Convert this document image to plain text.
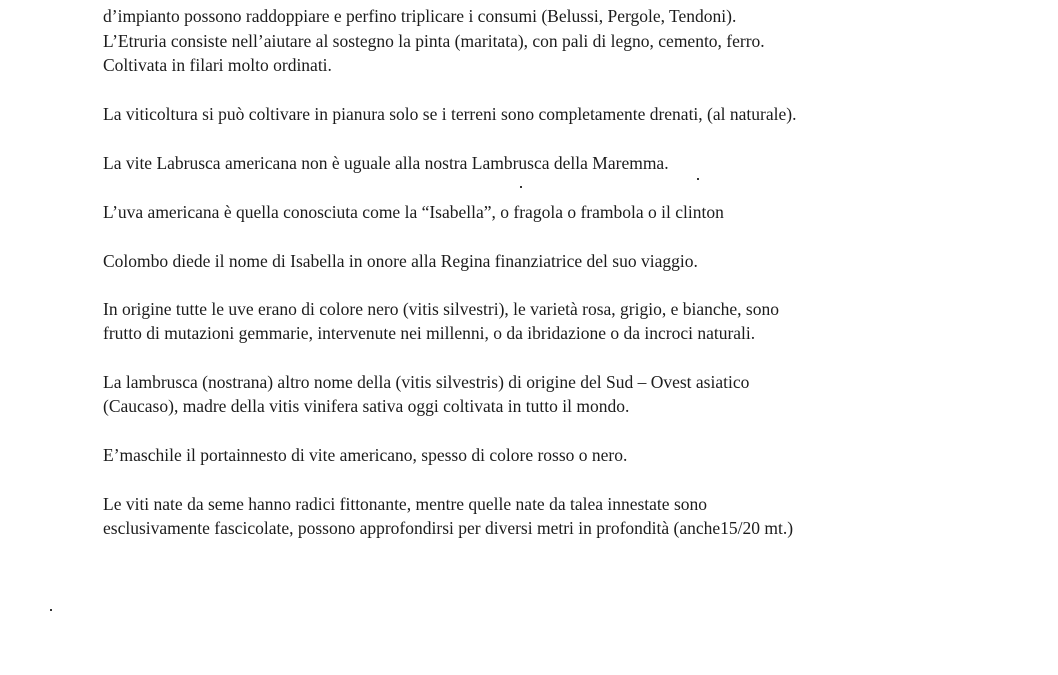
d’impianto possono raddoppiare e perfino triplicare i consumi (Belussi, Pergole, Tendoni).
L’Etruria consiste nell’aiutare al sostegno la pinta (maritata), con pali di legno, cemento, ferro.
Coltivata in filari molto ordinati.
La viticoltura si può coltivare in pianura solo se i terreni sono completamente drenati, (al naturale).
La vite Labrusca americana non è uguale alla nostra Lambrusca della Maremma.
L’uva americana è quella conosciuta come la “Isabella”, o fragola o frambola o il clinton
Colombo diede il nome di Isabella in onore alla Regina finanziatrice del suo viaggio.
In origine tutte le uve erano di colore nero (vitis silvestri), le varietà rosa, grigio, e bianche, sono
frutto di mutazioni gemmarie, intervenute nei millenni, o da ibridazione o da incroci naturali.
La lambrusca (nostrana) altro nome della (vitis silvestris) di origine del Sud – Ovest asiatico
(Caucaso), madre della vitis vinifera sativa oggi coltivata in tutto il mondo.
E’maschile il portainnesto di vite americano, spesso di colore rosso o nero.
Le viti nate da seme hanno radici fittonante, mentre quelle nate da talea innestate sono
esclusivamente fascicolate, possono approfondirsi per diversi metri in profondità (anche15/20 mt.)
